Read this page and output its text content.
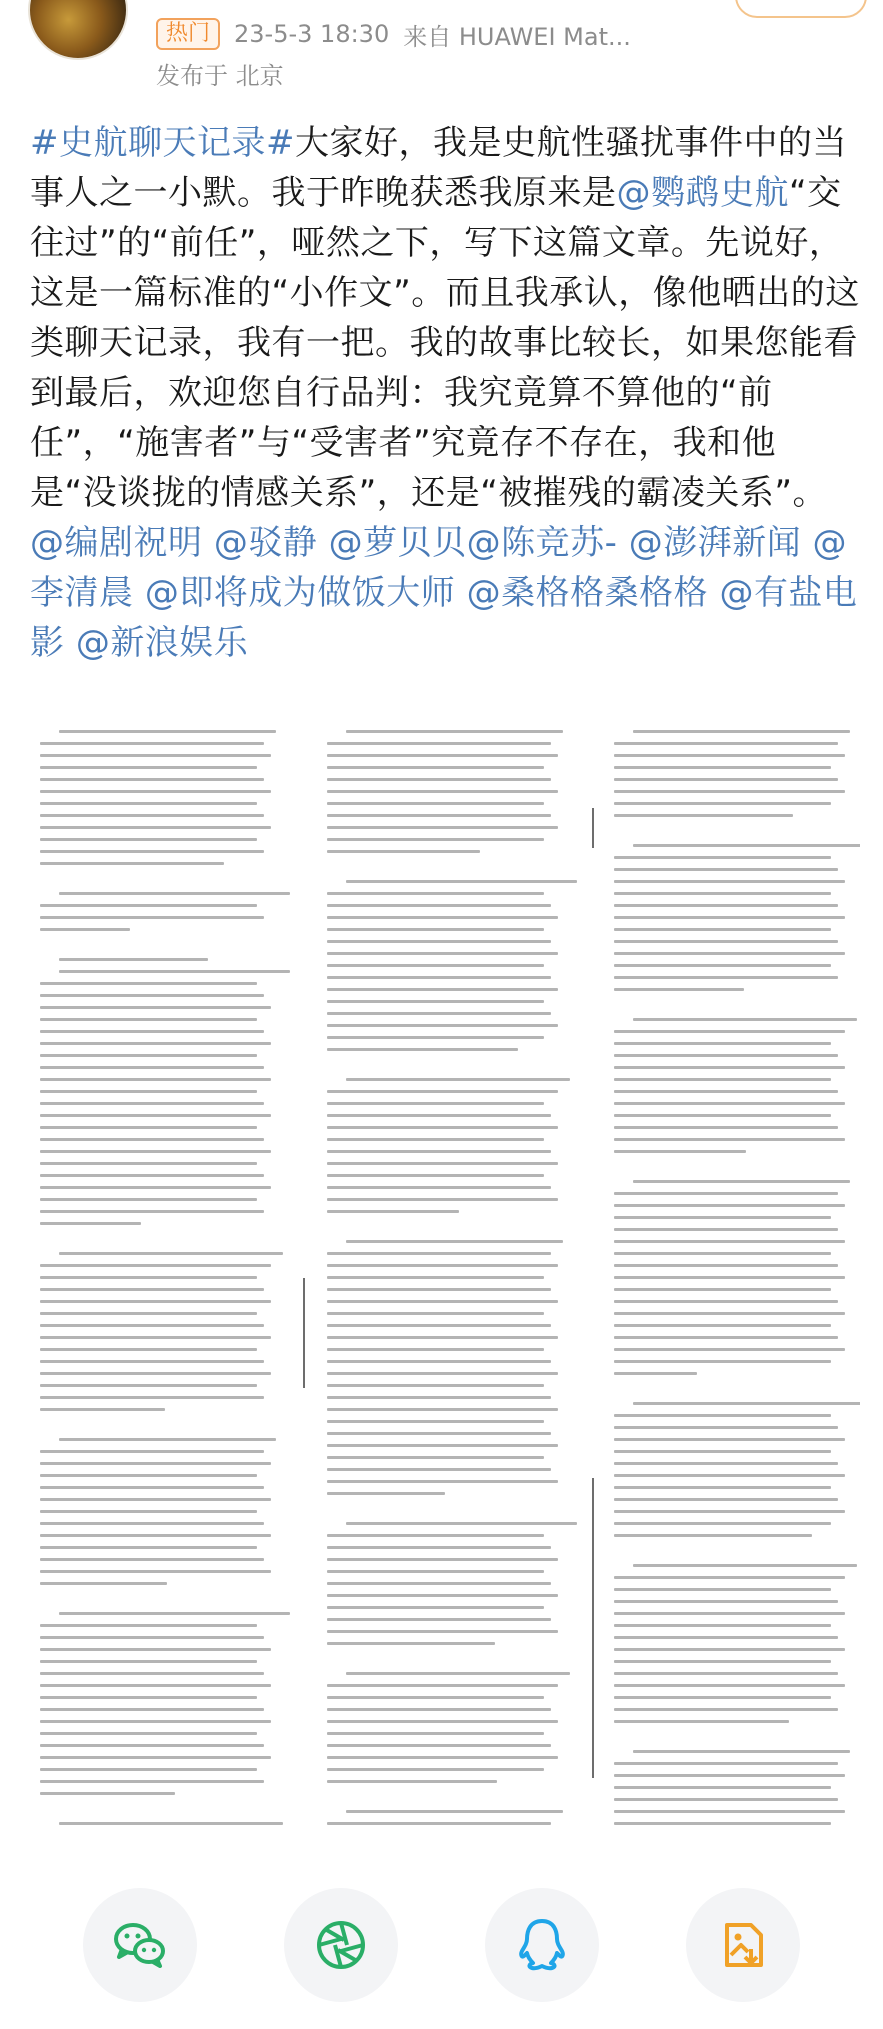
热门	23-5-3 18:30 来自 HUAWEI Mat...
发布于 北京
#史航聊天记录#大家好，我是史航性骚扰事件中的当事人之一小默。我于昨晚获悉我原来是@鹦鹉史航“交往过”的“前任”，哑然之下，写下这篇文章。先说好，这是一篇标准的“小作文”。而且我承认，像他晒出的这类聊天记录，我有一把。我的故事比较长，如果您能看到最后，欢迎您自行品判：我究竟算不算他的“前任”，“施害者”与“受害者”究竟存不存在，我和他是“没谈拢的情感关系”，还是“被摧残的霸凌关系”。
@编剧祝明 @驳静 @萝贝贝@陈竞苏- @澎湃新闻 @李清晨 @即将成为做饭大师 @桑格格桑格格 @有盐电影 @新浪娱乐
